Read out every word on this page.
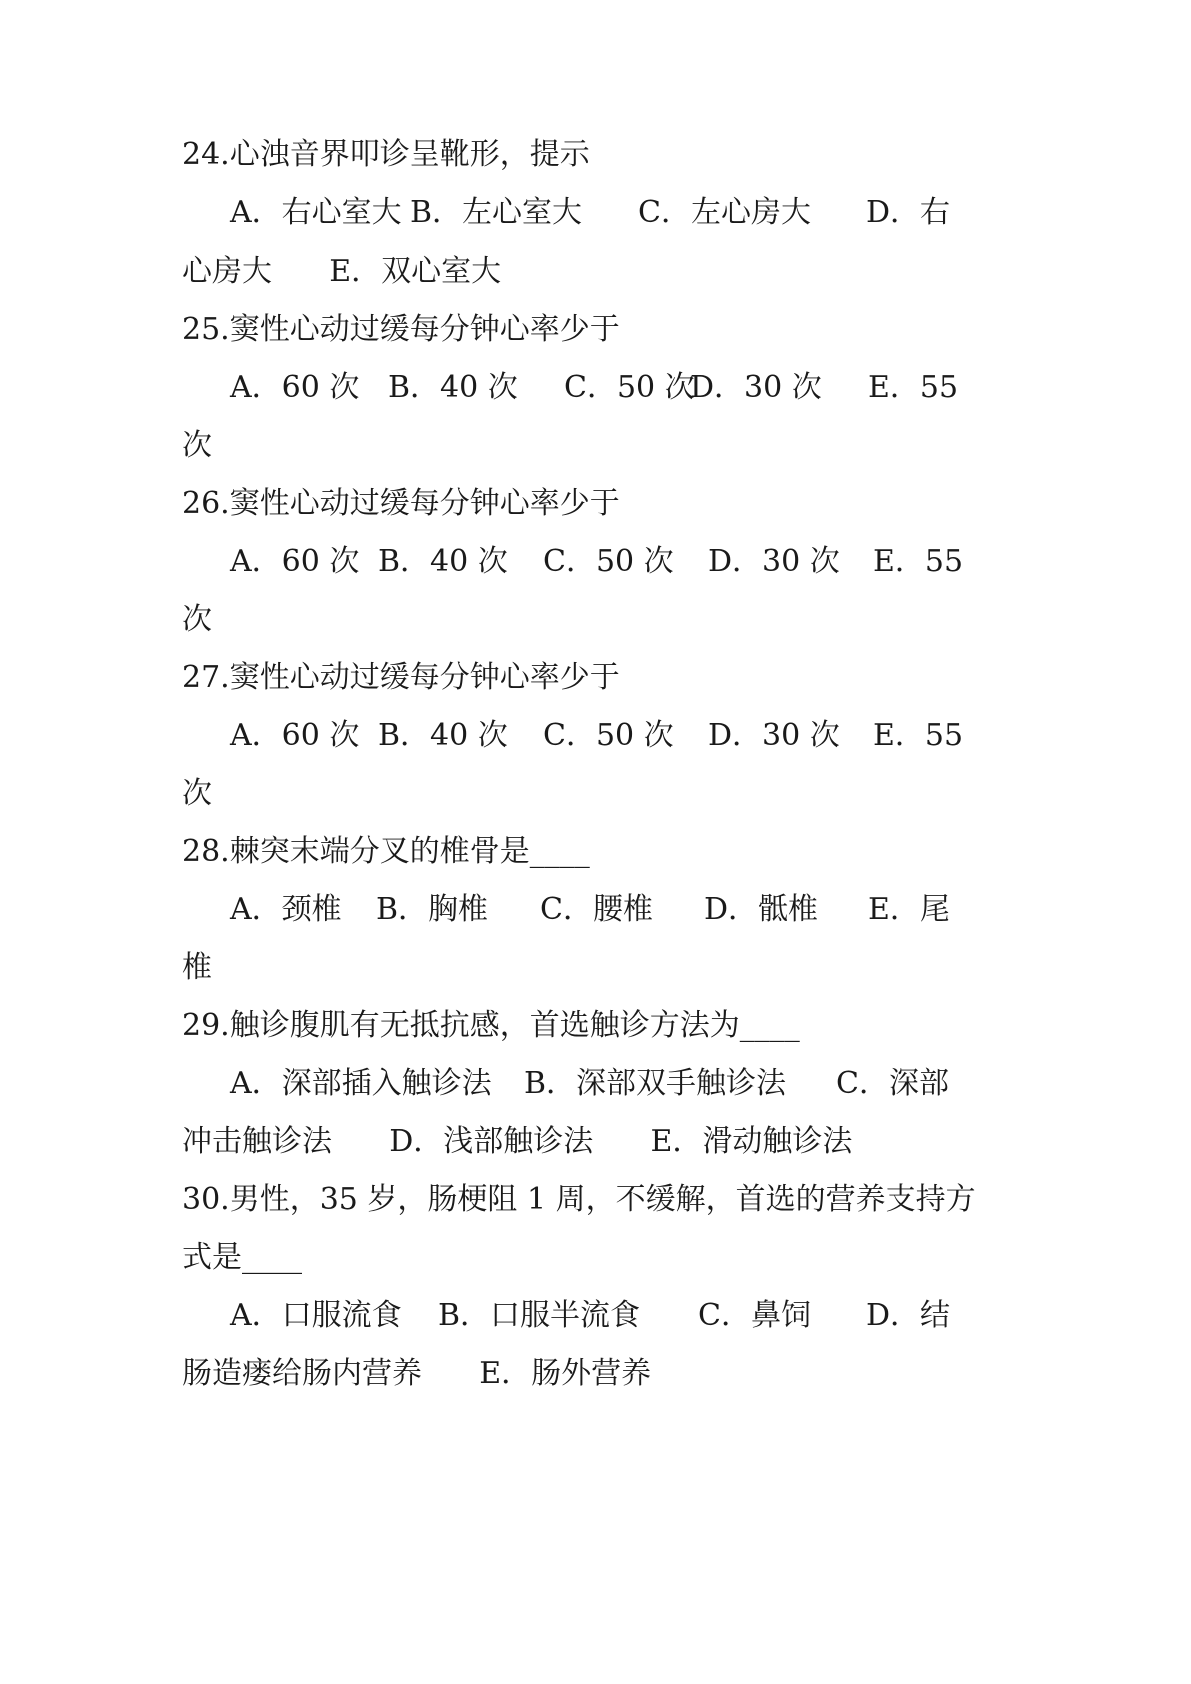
24.心浊音界叩诊呈靴形，提示
A．右心室大 B．左心室大 C．左心房大 D．右
心房大      E．双心室大
25.窦性心动过缓每分钟心率少于
A．60 次 B．40 次 C．50 次
D．30 次 E．55
次
26.窦性心动过缓每分钟心率少于
A．60 次 B．40 次 C．50 次 D．30 次 E．55
次
27.窦性心动过缓每分钟心率少于
A．60 次 B．40 次 C．50 次 D．30 次 E．55
次
28.棘突末端分叉的椎骨是____
A．颈椎 B．胸椎 C．腰椎 D．骶椎 E．尾
椎
29.触诊腹肌有无抵抗感，首选触诊方法为____
A．深部插入触诊法 B．深部双手触诊法 C．深部
冲击触诊法      D．浅部触诊法      E．滑动触诊法
30.男性，35 岁，肠梗阻 1 周，不缓解，首选的营养支持方
式是____
A．口服流食 B．口服半流食 C．鼻饲 D．结
肠造瘘给肠内营养      E．肠外营养
